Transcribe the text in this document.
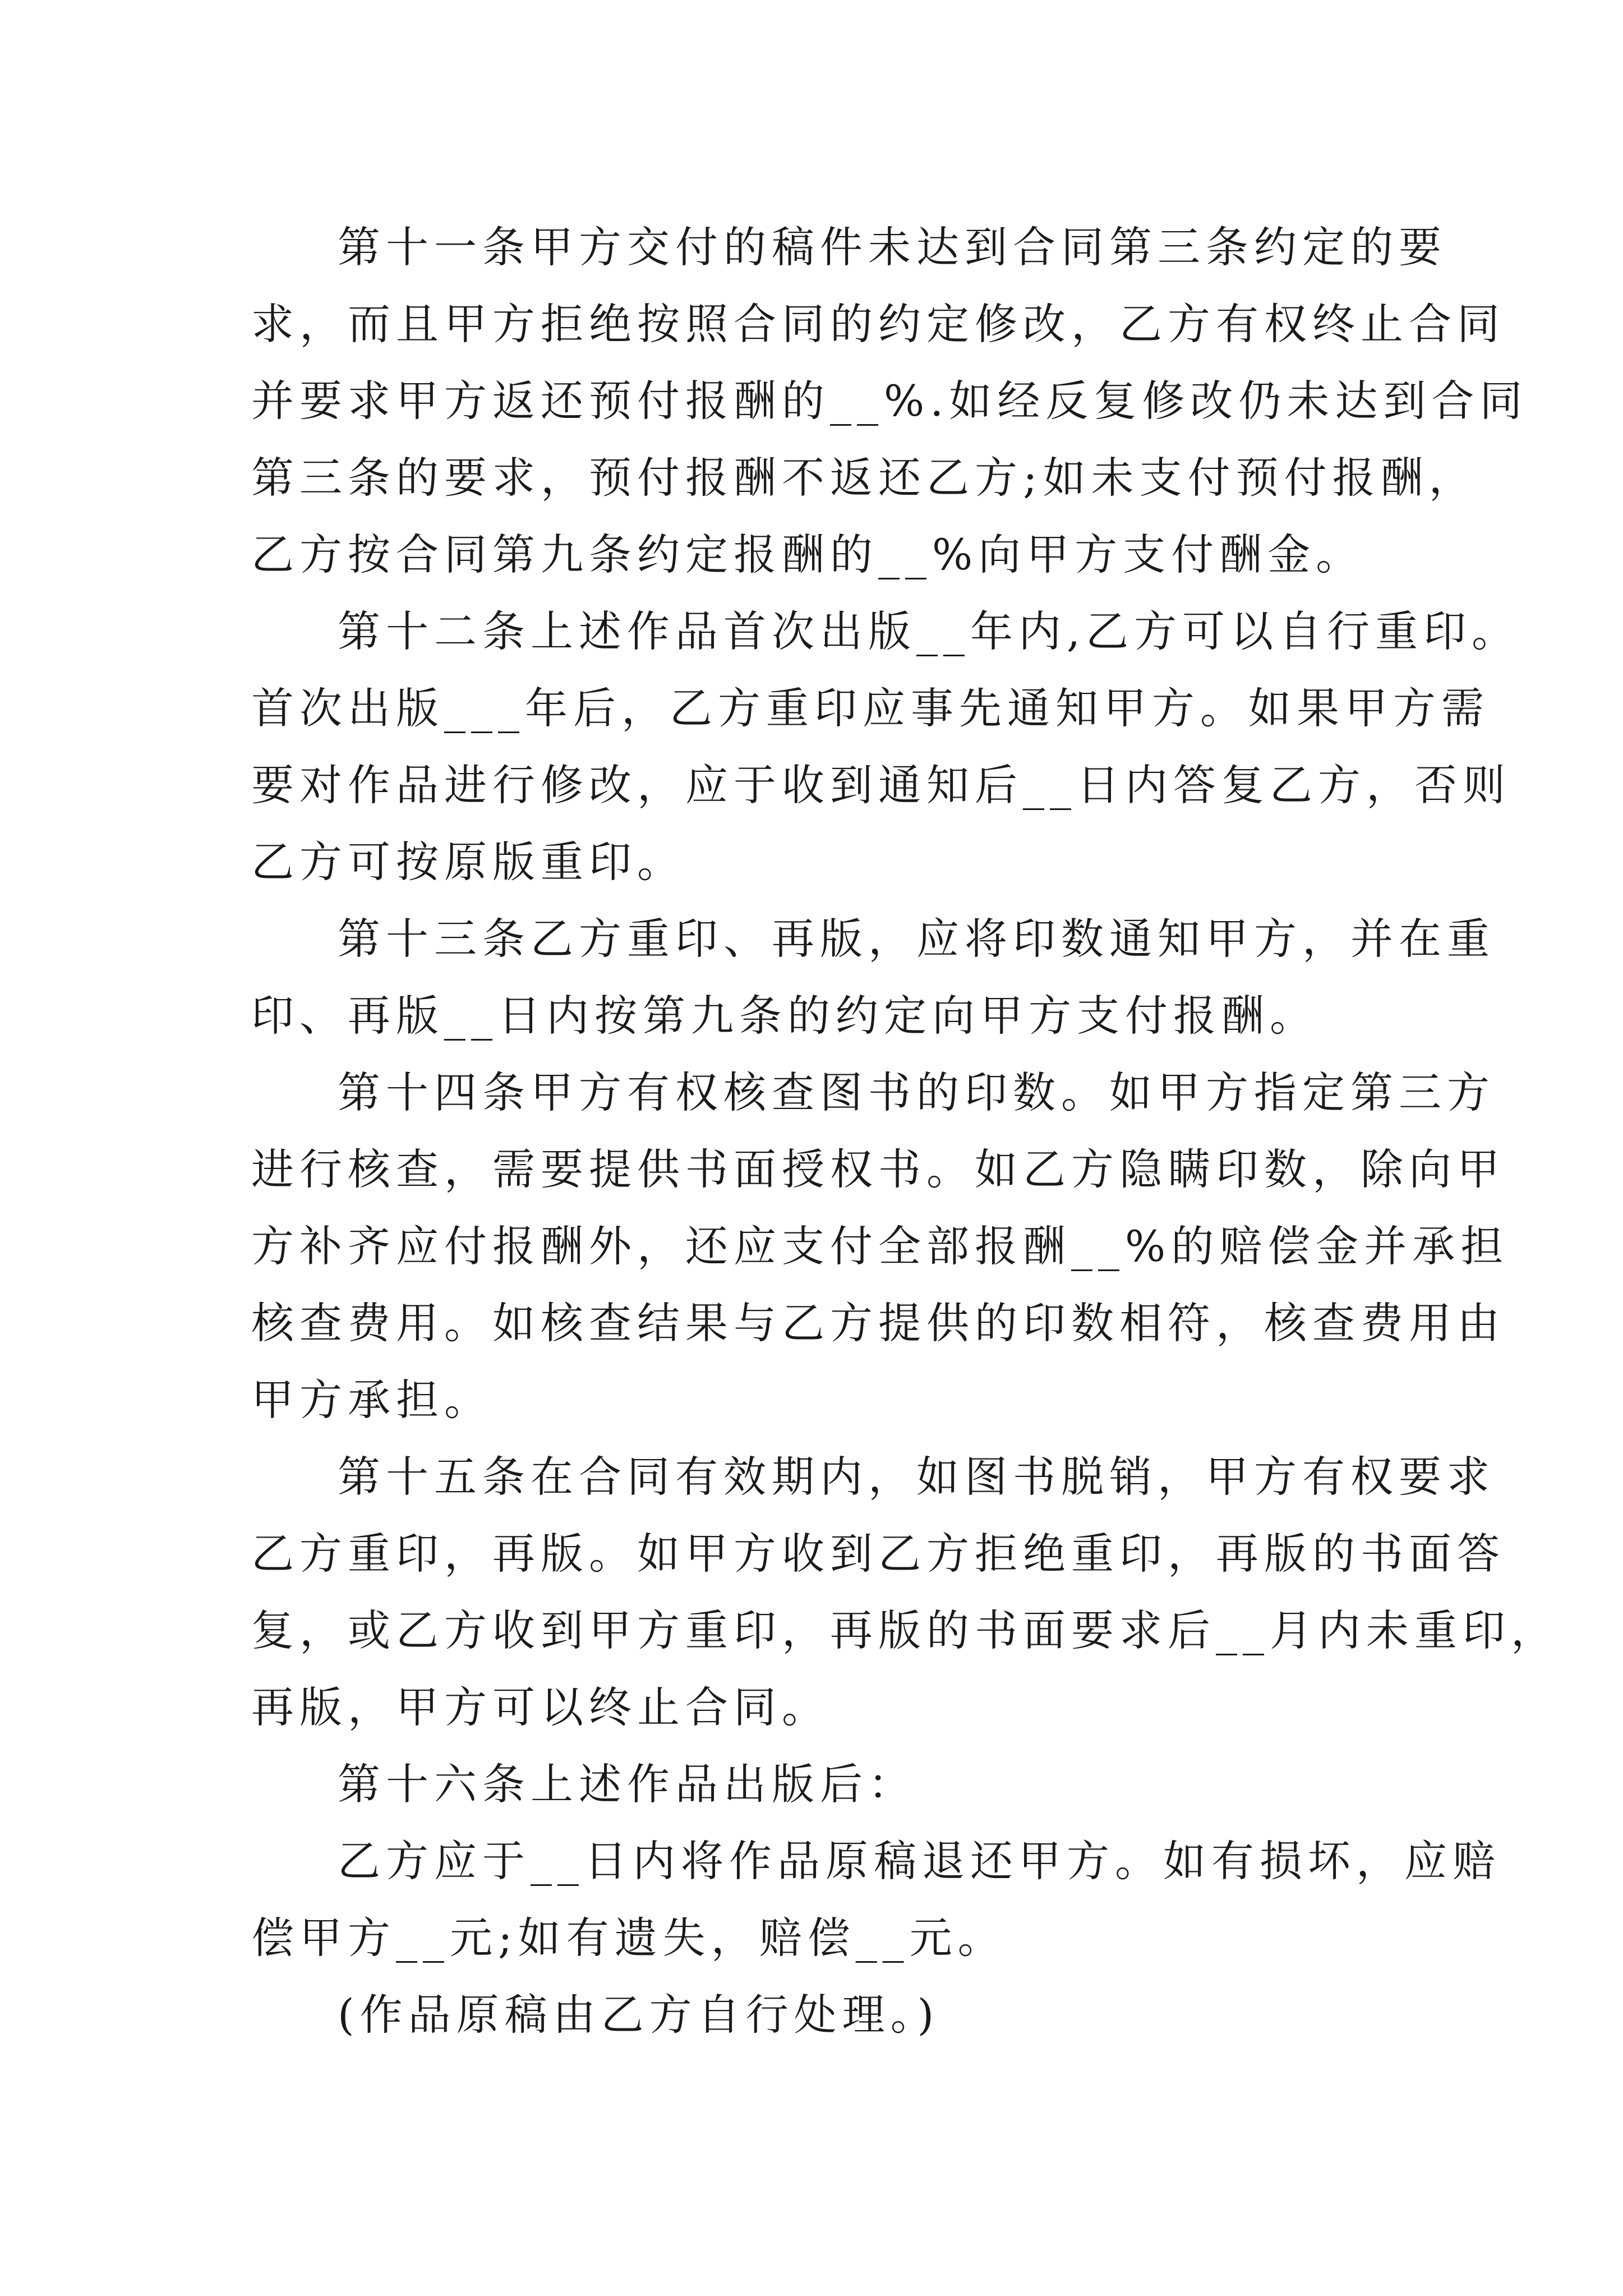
第十一条甲方交付的稿件未达到合同第三条约定的要
求，而且甲方拒绝按照合同的约定修改，乙方有权终止合同
并要求甲方返还预付报酬的__%.如经反复修改仍未达到合同
第三条的要求，预付报酬不返还乙方;如未支付预付报酬，
乙方按合同第九条约定报酬的__%向甲方支付酬金。
第十二条上述作品首次出版__年内,乙方可以自行重印。
首次出版___年后，乙方重印应事先通知甲方。如果甲方需
要对作品进行修改，应于收到通知后__日内答复乙方，否则
乙方可按原版重印。
第十三条乙方重印、再版，应将印数通知甲方，并在重
印、再版__日内按第九条的约定向甲方支付报酬。
第十四条甲方有权核查图书的印数。如甲方指定第三方
进行核查，需要提供书面授权书。如乙方隐瞒印数，除向甲
方补齐应付报酬外，还应支付全部报酬__%的赔偿金并承担
核查费用。如核查结果与乙方提供的印数相符，核查费用由
甲方承担。
第十五条在合同有效期内，如图书脱销，甲方有权要求
乙方重印，再版。如甲方收到乙方拒绝重印，再版的书面答
复，或乙方收到甲方重印，再版的书面要求后__月内未重印，
再版，甲方可以终止合同。
第十六条上述作品出版后：
乙方应于__日内将作品原稿退还甲方。如有损坏，应赔
偿甲方__元;如有遗失，赔偿__元。
(作品原稿由乙方自行处理。)
